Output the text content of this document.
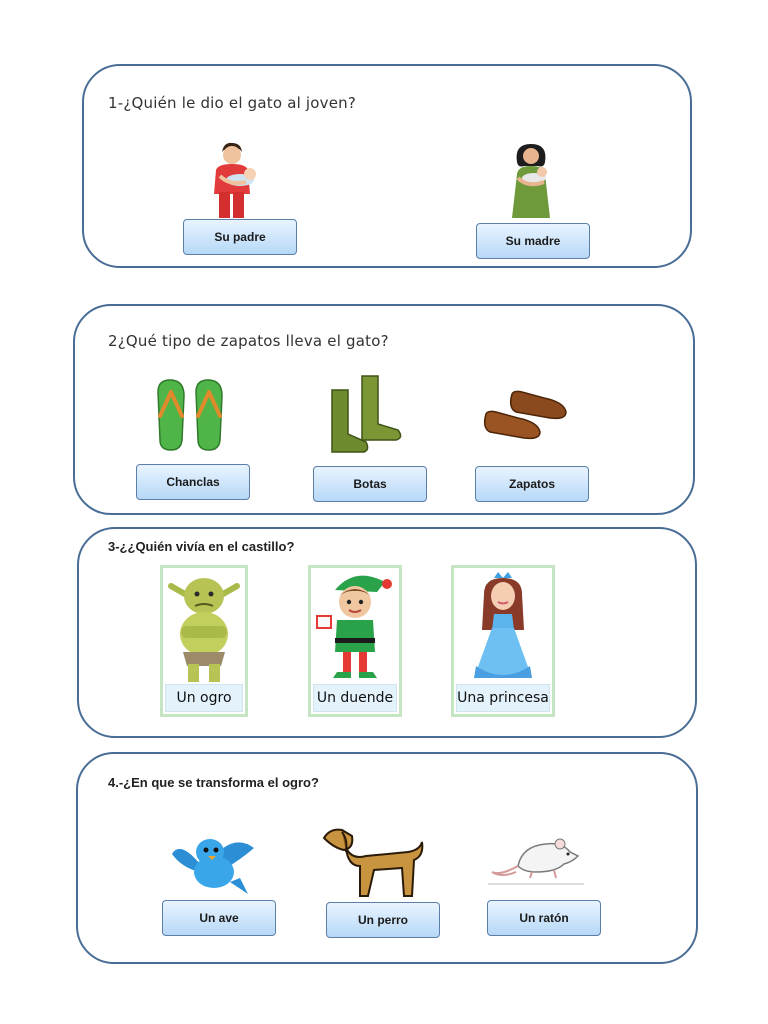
1-¿Quién le dio el gato al joven?

Su padre	Su madre

2¿Qué tipo de zapatos lleva el gato?

Chanclas	Botas	Zapatos

3-¿¿Quién vivía en el castillo?

Un ogro	Un duende	Una princesa

4.-¿En que se transforma el ogro?

Un ave	Un perro	Un ratón
